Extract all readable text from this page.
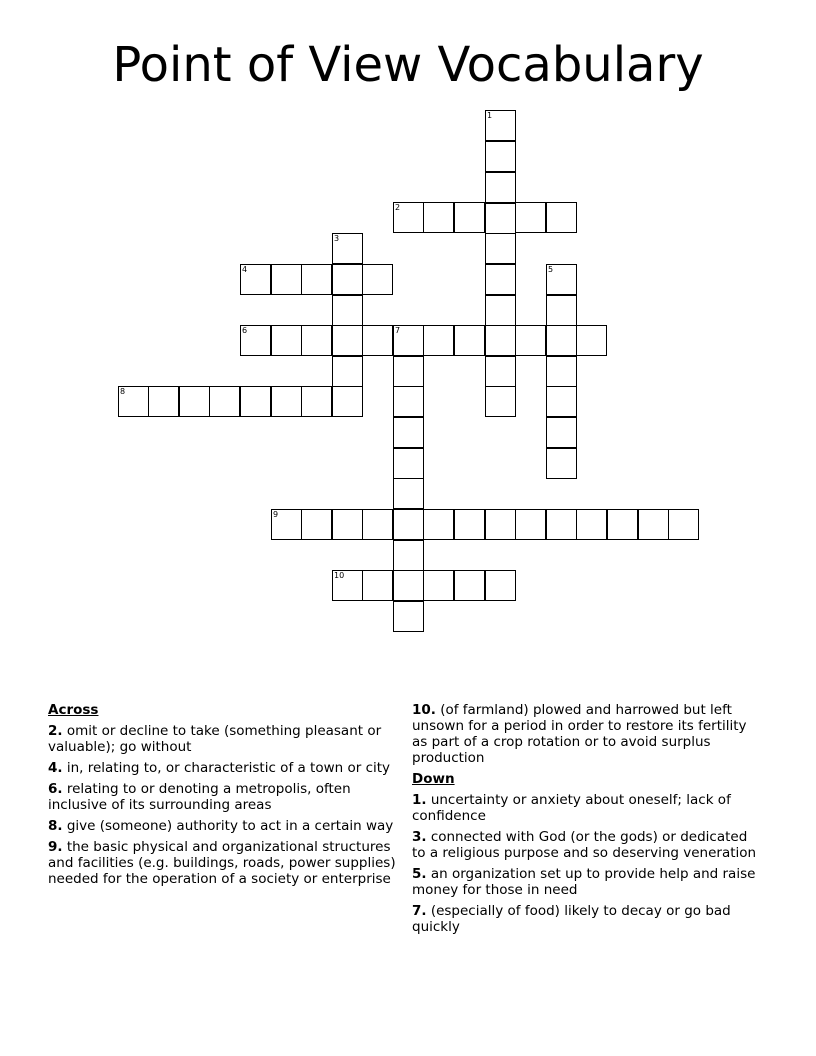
Point of View Vocabulary
1
2
3
4	5
6	7
8
9
10
Across
2. omit or decline to take (something pleasant or valuable); go without
4. in, relating to, or characteristic of a town or city
6. relating to or denoting a metropolis, often inclusive of its surrounding areas
8. give (someone) authority to act in a certain way
9. the basic physical and organizational structures and facilities (e.g. buildings, roads, power supplies) needed for the operation of a society or enterprise
10. (of farmland) plowed and harrowed but left unsown for a period in order to restore its fertility as part of a crop rotation or to avoid surplus production
Down
1. uncertainty or anxiety about oneself; lack of confidence
3. connected with God (or the gods) or dedicated to a religious purpose and so deserving veneration
5. an organization set up to provide help and raise money for those in need
7. (especially of food) likely to decay or go bad quickly
